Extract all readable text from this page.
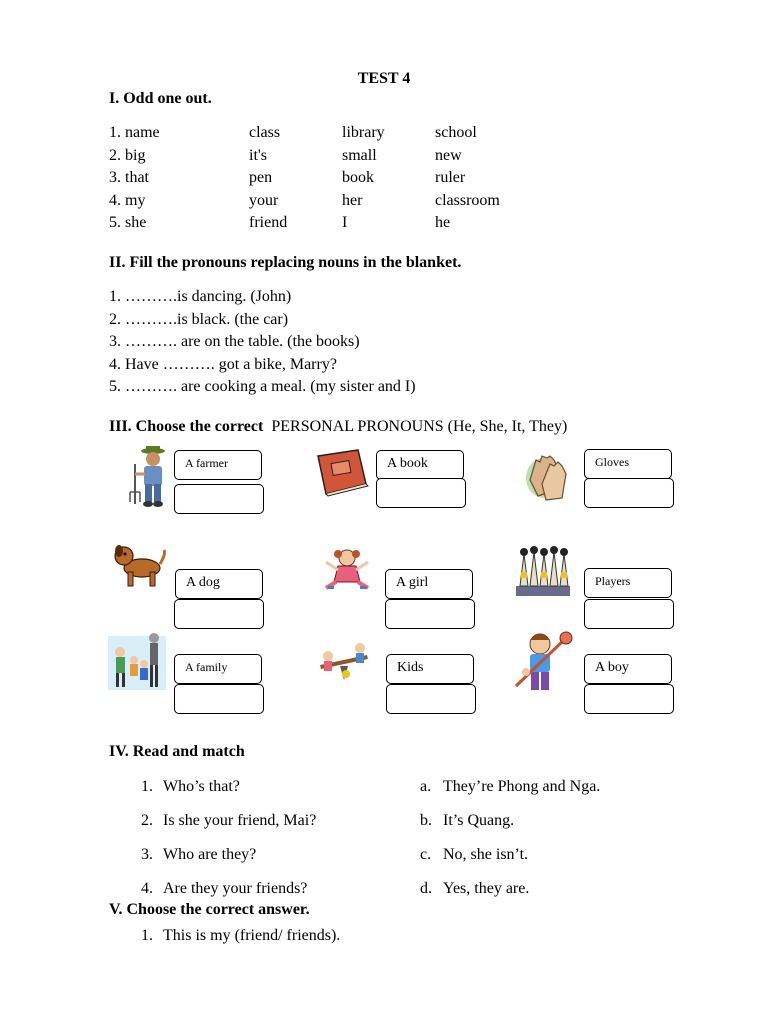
TEST 4
I. Odd one out.
1. name	class	library	school
2. big	it's	small	new
3. that	pen	book	ruler
4. my	your	her	classroom
5. she	friend	I	he
II. Fill the pronouns replacing nouns in the blanket.
1. ……….is dancing. (John)
2. ……….is black. (the car)
3. ………. are on the table. (the books)
4. Have ………. got a bike, Marry?
5. ………. are cooking a meal. (my sister and I)
III. Choose the correct PERSONAL PRONOUNS (He, She, It, They)
A farmer	A book	Gloves
A dog	A girl	Players
A family	Kids	A boy
IV. Read and match
1. Who’s that?
2. Is she your friend, Mai?
3. Who are they?
4. Are they your friends?
a. They’re Phong and Nga.
b. It’s Quang.
c. No, she isn’t.
d. Yes, they are.
V. Choose the correct answer.
1. This is my (friend/ friends).
